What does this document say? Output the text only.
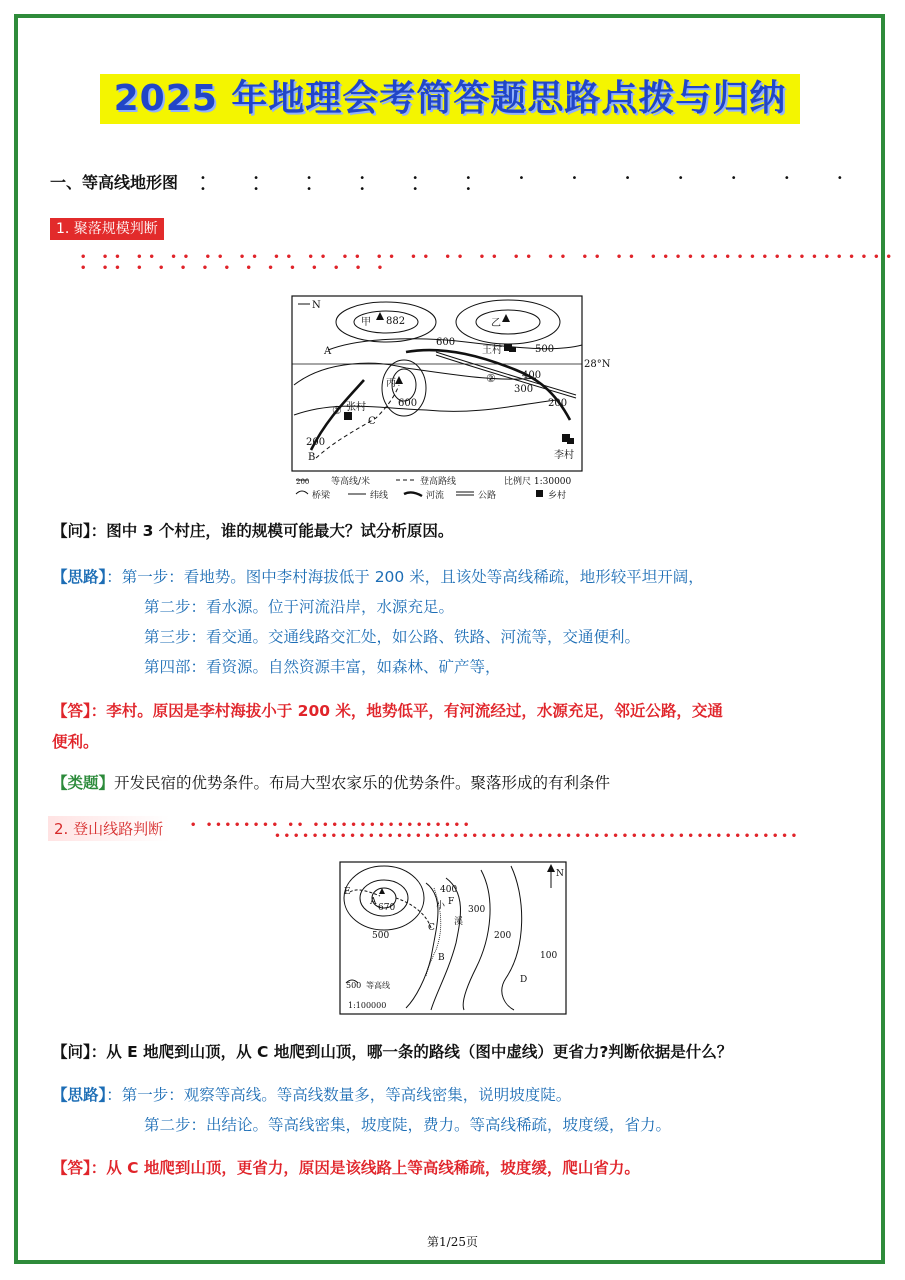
2025 年地理会考简答题思路点拨与归纳
一、等高线地形图 • • • • • • • • • • • • • • • • • • •
1. 聚落规模判断
• •• •• •• •• •• •• •• •• •• •• •• •• •• •• •• •• •••••••••••••••••••• • •• • • • • • • • • • • • •
N
甲 882	乙
600
王村	500
28°N
A
丙
600
400
300
200
②
① 张村
C
200
B	李村
200 等高线/米	登高路线	比例尺 1:30000
桥梁	纬线	河流	公路	乡村
【问】：图中 3 个村庄，谁的规模可能最大？试分析原因。
【思路】：第一步：看地势。图中李村海拔低于 200 米，且该处等高线稀疏，地形较平坦开阔，
第二步：看水源。位于河流沿岸，水源充足。
第三步：看交通。交通线路交汇处，如公路、铁路、河流等，交通便利。
第四部：看资源。自然资源丰富，如森林、矿产等，
【答】：李村。原因是李村海拔小于 200 米，地势低平，有河流经过，水源充足，邻近公路，交通
便利。
【类题】开发民宿的优势条件。布局大型农家乐的优势条件。聚落形成的有利条件
2. 登山线路判断	• •••••••• •• •••••••••••••••••              ••••••••••••••••••••••••••••••••••••••••••••••••••••••••
N
A
670
E
500
400
F
300
小
溪
200
C
B	100
D
500 等高线
1:100000
【问】：从 E 地爬到山顶，从 C 地爬到山顶，哪一条的路线（图中虚线）更省力?判断依据是什么？
【思路】：第一步：观察等高线。等高线数量多，等高线密集，说明坡度陡。
第二步：出结论。等高线密集，坡度陡，费力。等高线稀疏，坡度缓，省力。
【答】：从 C 地爬到山顶，更省力，原因是该线路上等高线稀疏，坡度缓，爬山省力。
第1/25页
